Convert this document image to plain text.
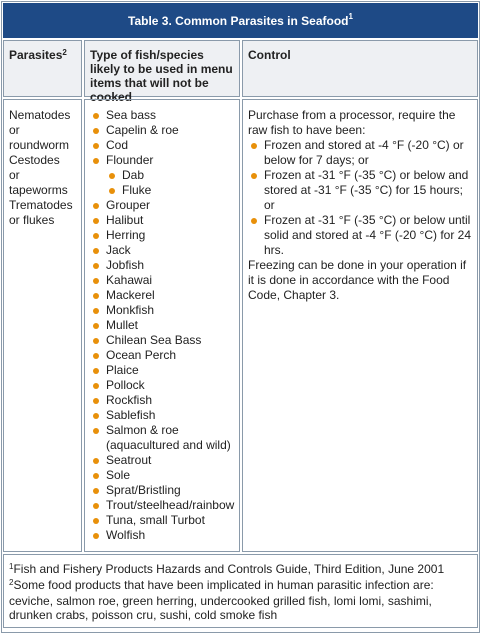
Table 3. Common Parasites in Seafood$^1$
Parasites$^2$	Type of fish/species likely to be used in menu items that will not be cooked
Control
Nematodes
or
roundworm
Cestodes
or
tapeworms
Trematodes
or flukes
Sea bass
Capelin & roe
Cod
Flounder
Dab
Fluke
Grouper
Halibut
Herring
Jack
Jobfish
Kahawai
Mackerel
Monkfish
Mullet
Chilean Sea Bass
Ocean Perch
Plaice
Pollock
Rockfish
Sablefish
Salmon & roe (aquacultured and wild)
Seatrout
Sole
Sprat/Bristling
Trout/steelhead/rainbow
Tuna, small Turbot
Wolfish
Purchase from a processor, require the raw fish to have been:
Frozen and stored at -4 °F (-20 °C) or below for 7 days; or
Frozen at -31 °F (-35 °C) or below and stored at -31 °F (-35 °C) for 15 hours; or
Frozen at -31 °F (-35 °C) or below until solid and stored at -4 °F (-20 °C) for 24 hrs.
Freezing can be done in your operation if it is done in accordance with the Food Code, Chapter 3.
$^1$Fish and Fishery Products Hazards and Controls Guide, Third Edition, June 2001
$^2$Some food products that have been implicated in human parasitic infection are: ceviche, salmon roe, green herring, undercooked grilled fish, lomi lomi, sashimi, drunken crabs, poisson cru, sushi, cold smoke fish
